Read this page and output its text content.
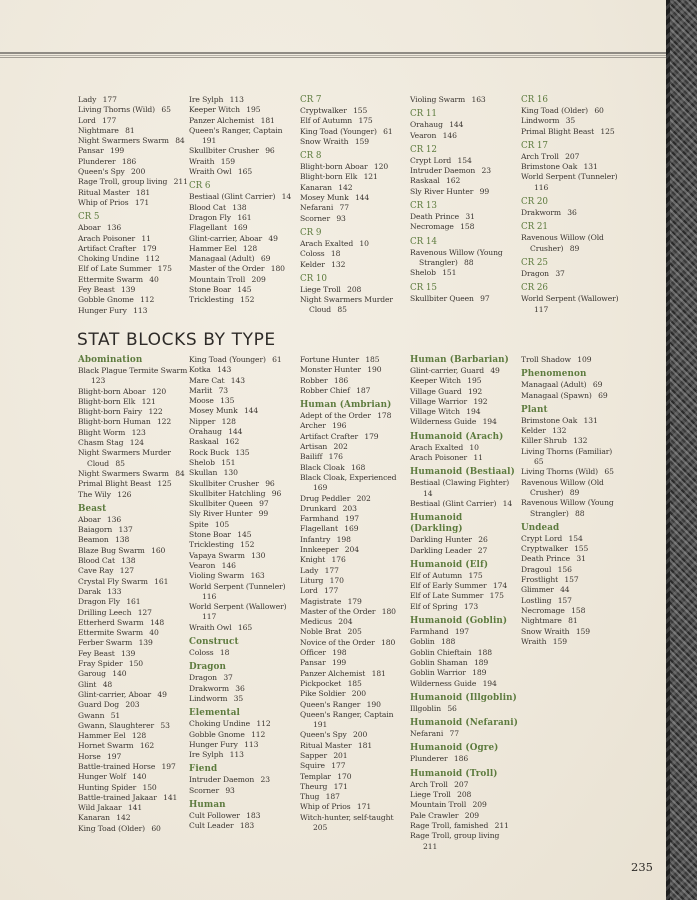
Lady 177
Living Thorns (Wild) 65
Lord 177
Nightmare 81
Night Swarmers Swarm 84
Pansar 199
Plunderer 186
Queen's Spy 200
Rage Troll, group living 211
Ritual Master 181
Whip of Prios 171
CR 5
Aboar 136
Arach Poisoner 11
Artifact Crafter 179
Choking Undine 112
Elf of Late Summer 175
Ettermite Swarm 40
Fey Beast 139
Gobble Gnome 112
Hunger Fury 113
Ire Sylph 113
Keeper Witch 195
Panzer Alchemist 181
Queen's Ranger, Captain 191
Skullbiter Crusher 96
Wraith 159
Wraith Owl 165
CR 6
Bestiaal (Glint Carrier) 14
Blood Cat 138
Dragon Fly 161
Flagellant 169
Glint-carrier, Aboar 49
Hammer Eel 128
Managaal (Adult) 69
Master of the Order 180
Mountain Troll 209
Stone Boar 145
Tricklesting 152
CR 7
Cryptwalker 155
Elf of Autumn 175
King Toad (Younger) 61
Snow Wraith 159
CR 8
Blight-born Aboar 120
Blight-born Elk 121
Kanaran 142
Mosey Munk 144
Nefarani 77
Scorner 93
CR 9
Arach Exalted 10
Coloss 18
Kelder 132
CR 10
Liege Troll 208
Night Swarmers Murder Cloud 85
Violing Swarm 163
CR 11
Orahaug 144
Vearon 146
CR 12
Crypt Lord 154
Intruder Daemon 23
Raskaal 162
Sly River Hunter 99
CR 13
Death Prince 31
Necromage 158
CR 14
Ravenous Willow (Young Strangler) 88
Shelob 151
CR 15
Skullbiter Queen 97
CR 16
King Toad (Older) 60
Lindworm 35
Primal Blight Beast 125
CR 17
Arch Troll 207
Brimstone Oak 131
World Serpent (Tunneler) 116
CR 20
Drakworm 36
CR 21
Ravenous Willow (Old Crusher) 89
CR 25
Dragon 37
CR 26
World Serpent (Wallower) 117
STAT BLOCKS BY TYPE
Abomination
Black Plague Termite Swarm 123
Blight-born Aboar 120
Blight-born Elk 121
Blight-born Fairy 122
Blight-born Human 122
Blight Worm 123
Chasm Stag 124
Night Swarmers Murder Cloud 85
Night Swarmers Swarm 84
Primal Blight Beast 125
The Wily 126
Beast
Aboar 136
Baiagorn 137
Beamon 138
Blaze Bug Swarm 160
Blood Cat 138
Cave Ray 127
Crystal Fly Swarm 161
Darak 133
Dragon Fly 161
Drilling Leech 127
Etterherd Swarm 148
Ettermite Swarm 40
Ferber Swarm 139
Fey Beast 139
Fray Spider 150
Garoug 140
Glint 48
Glint-carrier, Aboar 49
Guard Dog 203
Gwann 51
Gwann, Slaughterer 53
Hammer Eel 128
Hornet Swarm 162
Horse 197
Battle-trained Horse 197
Hunger Wolf 140
Hunting Spider 150
Battle-trained Jakaar 141
Wild Jakaar 141
Kanaran 142
King Toad (Older) 60
King Toad (Younger) 61
Kotka 143
Mare Cat 143
Marlit 73
Moose 135
Mosey Munk 144
Nipper 128
Orahaug 144
Raskaal 162
Rock Buck 135
Shelob 151
Skullan 130
Skullbiter Crusher 96
Skullbiter Hatchling 96
Skullbiter Queen 97
Sly River Hunter 99
Spite 105
Stone Boar 145
Tricklesting 152
Vapaya Swarm 130
Vearon 146
Violing Swarm 163
World Serpent (Tunneler) 116
World Serpent (Wallower) 117
Wraith Owl 165
Construct
Coloss 18
Dragon
Dragon 37
Drakworm 36
Lindworm 35
Elemental
Choking Undine 112
Gobble Gnome 112
Hunger Fury 113
Ire Sylph 113
Fiend
Intruder Daemon 23
Scorner 93
Human
Cult Follower 183
Cult Leader 183
Fortune Hunter 185
Monster Hunter 190
Robber 186
Robber Chief 187
Human (Ambrian)
Adept of the Order 178
Archer 196
Artifact Crafter 179
Artisan 202
Bailiff 176
Black Cloak 168
Black Cloak, Experienced 169
Drug Peddler 202
Drunkard 203
Farmhand 197
Flagellant 169
Infantry 198
Innkeeper 204
Knight 176
Lady 177
Liturg 170
Lord 177
Magistrate 179
Master of the Order 180
Medicus 204
Noble Brat 205
Novice of the Order 180
Officer 198
Pansar 199
Panzer Alchemist 181
Pickpocket 185
Pike Soldier 200
Queen's Ranger 190
Queen's Ranger, Captain 191
Queen's Spy 200
Ritual Master 181
Sapper 201
Squire 177
Templar 170
Theurg 171
Thug 187
Whip of Prios 171
Witch-hunter, self-taught 205
Human (Barbarian)
Glint-carrier, Guard 49
Keeper Witch 195
Village Guard 192
Village Warrior 192
Village Witch 194
Wilderness Guide 194
Humanoid (Arach)
Arach Exalted 10
Arach Poisoner 11
Humanoid (Bestiaal)
Bestiaal (Clawing Fighter) 14
Bestiaal (Glint Carrier) 14
Humanoid (Darkling)
Darkling Hunter 26
Darkling Leader 27
Humanoid (Elf)
Elf of Autumn 175
Elf of Early Summer 174
Elf of Late Summer 175
Elf of Spring 173
Humanoid (Goblin)
Farmhand 197
Goblin 188
Goblin Chieftain 188
Goblin Shaman 189
Goblin Warrior 189
Wilderness Guide 194
Humanoid (Illgoblin)
Illgoblin 56
Humanoid (Nefarani)
Nefarani 77
Humanoid (Ogre)
Plunderer 186
Humanoid (Troll)
Arch Troll 207
Liege Troll 208
Mountain Troll 209
Pale Crawler 209
Rage Troll, famished 211
Rage Troll, group living 211
Troll Shadow 109
Phenomenon
Managaal (Adult) 69
Managaal (Spawn) 69
Plant
Brimstone Oak 131
Kelder 132
Killer Shrub 132
Living Thorns (Familiar) 65
Living Thorns (Wild) 65
Ravenous Willow (Old Crusher) 89
Ravenous Willow (Young Strangler) 88
Undead
Crypt Lord 154
Cryptwalker 155
Death Prince 31
Dragoul 156
Frostlight 157
Glimmer 44
Lostling 157
Necromage 158
Nightmare 81
Snow Wraith 159
Wraith 159
235
